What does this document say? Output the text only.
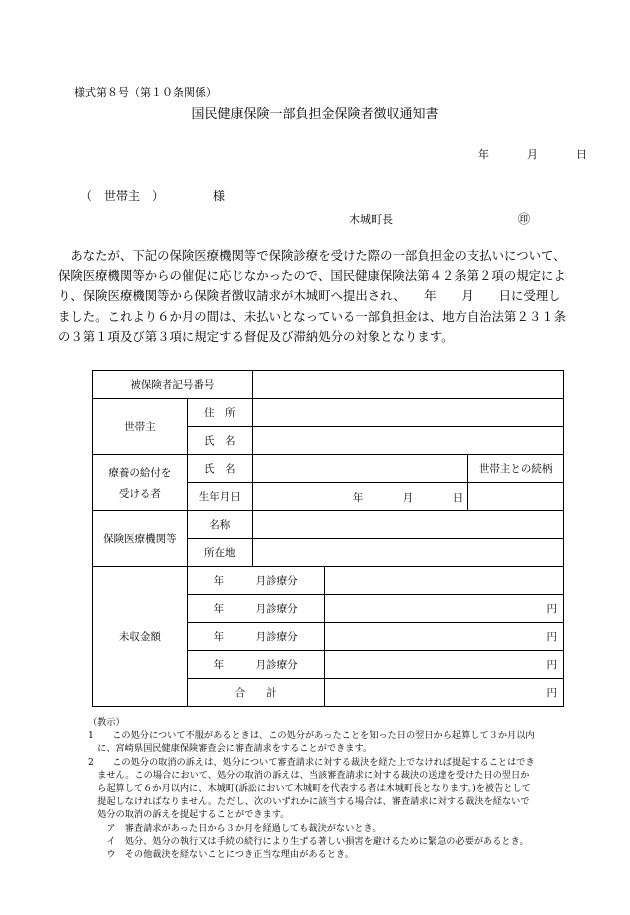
様式第８号（第１０条関係）
国民健康保険一部負担金保険者徴収通知書
年	月	日
（　世帯主　）	様
木城町長	㊞
　あなたが、下記の保険医療機関等で保険診療を受けた際の一部負担金の支払いについて、
保険医療機関等からの催促に応じなかったので、国民健康保険法第４２条第２項の規定によ
り、保険医療機関等から保険者徴収請求が木城町へ提出され、　　年　　月　　日に受理し
ました。これより６か月の間は、未払いとなっている一部負担金は、地方自治法第２３１条
の３第１項及び第３項に規定する督促及び滞納処分の対象となります。
被保険者記号番号				
世帯主	住　所			
	氏　名			

療養の給付を
受ける者	氏　名			世帯主との続柄
	生年月日	年 月 日		

保険医療機関等	名称			
	所在地			
未収金額	年　　　月診療分			
	年　　　月診療分		円	
	年　　　月診療分		円	
	年　　　月診療分		円	
	合　　計		円	
（教示）
1　　この処分について不服があるときは、この処分があったことを知った日の翌日から起算して３か月以内
　に、宮崎県国民健康保険審査会に審査請求をすることができます。
2　　この処分の取消の訴えは、処分について審査請求に対する裁決を経た上でなければ提起することはでき
　ません。この場合において、処分の取消の訴えは、当該審査請求に対する裁決の送達を受けた日の翌日か
　ら起算して６か月以内に、木城町(訴訟において木城町を代表する者は木城町長となります。)を被告として
　提起しなければなりません。ただし、次のいずれかに該当する場合は、審査請求に対する裁決を経ないで
　処分の取消の訴えを提起することができます。
　　ア　審査請求があった日から３か月を経過しても裁決がないとき。
　　イ　処分、処分の執行又は手続の続行により生ずる著しい損害を避けるために緊急の必要があるとき。
　　ウ　その他裁決を経ないことにつき正当な理由があるとき。
